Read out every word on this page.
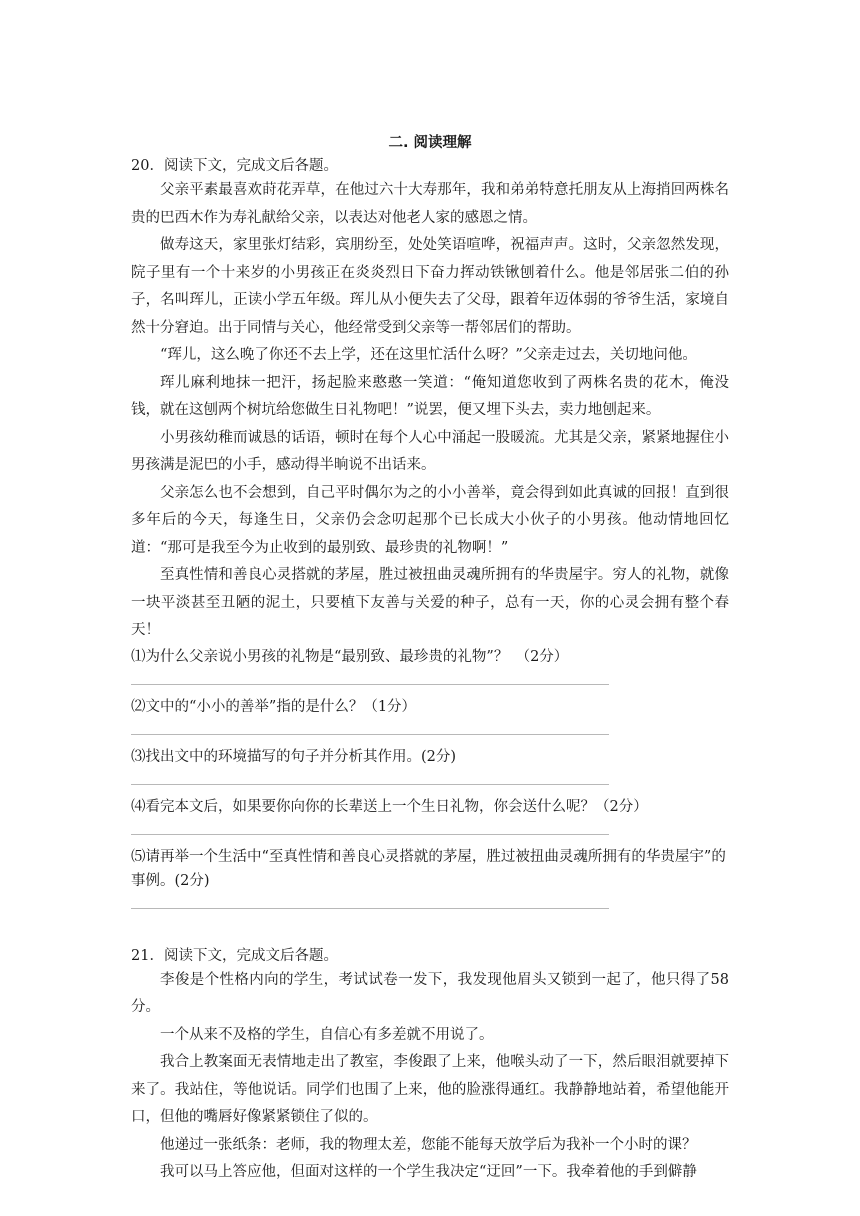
二. 阅读理解
20．阅读下文，完成文后各题。

父亲平素最喜欢莳花弄草，在他过六十大寿那年，我和弟弟特意托朋友从上海捎回两株名贵的巴西木作为寿礼献给父亲，以表达对他老人家的感恩之情。

做寿这天，家里张灯结彩，宾朋纷至，处处笑语喧哗，祝福声声。这时，父亲忽然发现，院子里有一个十来岁的小男孩正在炎炎烈日下奋力挥动铁锹刨着什么。他是邻居张二伯的孙子，名叫珲儿，正读小学五年级。珲儿从小便失去了父母，跟着年迈体弱的爷爷生活，家境自然十分窘迫。出于同情与关心，他经常受到父亲等一帮邻居们的帮助。

“珲儿，这么晚了你还不去上学，还在这里忙活什么呀？”父亲走过去，关切地问他。

珲儿麻利地抹一把汗，扬起脸来憨憨一笑道：“俺知道您收到了两株名贵的花木，俺没钱，就在这刨两个树坑给您做生日礼物吧！”说罢，便又埋下头去，卖力地刨起来。

小男孩幼稚而诚恳的话语，顿时在每个人心中涌起一股暖流。尤其是父亲，紧紧地握住小男孩满是泥巴的小手，感动得半晌说不出话来。

父亲怎么也不会想到，自己平时偶尔为之的小小善举，竟会得到如此真诚的回报！直到很多年后的今天，每逢生日，父亲仍会念叨起那个已长成大小伙子的小男孩。他动情地回忆道：“那可是我至今为止收到的最别致、最珍贵的礼物啊！”

至真性情和善良心灵搭就的茅屋，胜过被扭曲灵魂所拥有的华贵屋宇。穷人的礼物，就像一块平淡甚至丑陋的泥土，只要植下友善与关爱的种子，总有一天，你的心灵会拥有整个春天！

⑴为什么父亲说小男孩的礼物是“最别致、最珍贵的礼物”？　（2分）
⑵文中的“小小的善举”指的是什么？（1分）
⑶找出文中的环境描写的句子并分析其作用。(2分)
⑷看完本文后，如果要你向你的长辈送上一个生日礼物，你会送什么呢？（2分）
⑸请再举一个生活中“至真性情和善良心灵搭就的茅屋，胜过被扭曲灵魂所拥有的华贵屋宇”的事例。(2分)
21．阅读下文，完成文后各题。

李俊是个性格内向的学生，考试试卷一发下，我发现他眉头又锁到一起了，他只得了58分。

一个从来不及格的学生，自信心有多差就不用说了。

我合上教案面无表情地走出了教室，李俊跟了上来，他喉头动了一下，然后眼泪就要掉下来了。我站住，等他说话。同学们也围了上来，他的脸涨得通红。我静静地站着，希望他能开口，但他的嘴唇好像紧紧锁住了似的。

他递过一张纸条：老师，我的物理太差，您能不能每天放学后为我补一个小时的课？

我可以马上答应他，但面对这样的一个学生我决定“迂回”一下。我牵着他的手到僻静
